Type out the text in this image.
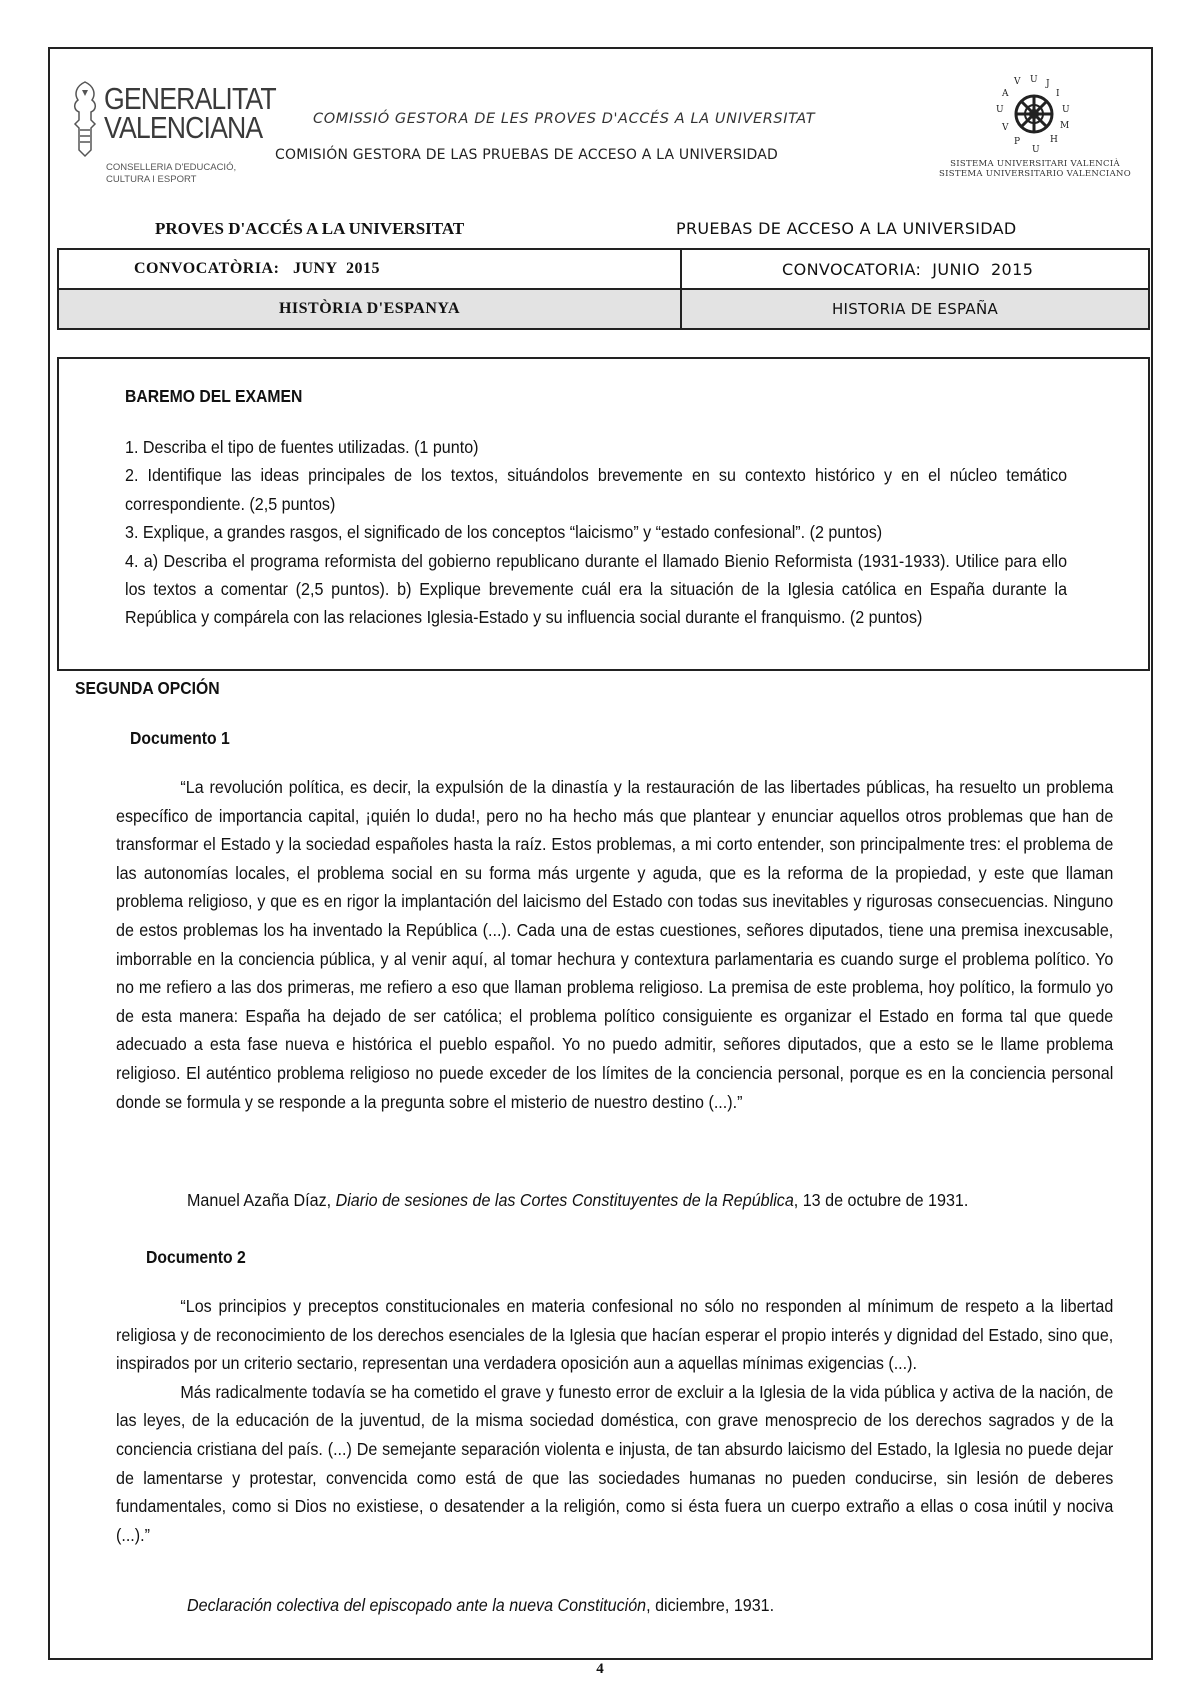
GENERALITAT
VALENCIANA
CONSELLERIA D'EDUCACIÓ,
CULTURA I ESPORT
COMISSIÓ GESTORA DE LES PROVES D'ACCÉS A LA UNIVERSITAT
COMISIÓN GESTORA DE LAS PRUEBAS DE ACCESO A LA UNIVERSIDAD
U J
I
U
M
H
U
P
V
U
A
V
SISTEMA UNIVERSITARI VALENCIÀ
SISTEMA UNIVERSITARIO VALENCIANO
PROVES D'ACCÉS A LA UNIVERSITAT	PRUEBAS DE ACCESO A LA UNIVERSIDAD
CONVOCATÒRIA:   JUNY  2015	CONVOCATORIA:  JUNIO  2015
HISTÒRIA D'ESPANYA	HISTORIA DE ESPAÑA
BAREMO DEL EXAMEN
1. Describa el tipo de fuentes utilizadas. (1 punto)
2. Identifique las ideas principales de los textos, situándolos brevemente en su contexto histórico y en el núcleo temático correspondiente. (2,5 puntos)
3. Explique, a grandes rasgos, el significado de los conceptos “laicismo” y “estado confesional”. (2 puntos)
4. a) Describa el programa reformista del gobierno republicano durante el llamado Bienio Reformista (1931-1933). Utilice para ello los textos a comentar (2,5 puntos). b) Explique brevemente cuál era la situación de la Iglesia católica en España durante la República y compárela con las relaciones Iglesia-Estado y su influencia social durante el franquismo. (2 puntos)
SEGUNDA OPCIÓN
Documento 1

“La revolución política, es decir, la expulsión de la dinastía y la restauración de las libertades públicas, ha resuelto un problema específico de importancia capital, ¡quién lo duda!, pero no ha hecho más que plantear y enunciar aquellos otros problemas que han de transformar el Estado y la sociedad españoles hasta la raíz. Estos problemas, a mi corto entender, son principalmente tres: el problema de las autonomías locales, el problema social en su forma más urgente y aguda, que es la reforma de la propiedad, y este que llaman problema religioso, y que es en rigor la implantación del laicismo del Estado con todas sus inevitables y rigurosas consecuencias. Ninguno de estos problemas los ha inventado la República (...). Cada una de estas cuestiones, señores diputados, tiene una premisa inexcusable, imborrable en la conciencia pública, y al venir aquí, al tomar hechura y contextura parlamentaria es cuando surge el problema político. Yo no me refiero a las dos primeras, me refiero a eso que llaman problema religioso. La premisa de este problema, hoy político, la formulo yo de esta manera: España ha dejado de ser católica; el problema político consiguiente es organizar el Estado en forma tal que quede adecuado a esta fase nueva e histórica el pueblo español. Yo no puedo admitir, señores diputados, que a esto se le llame problema religioso. El auténtico problema religioso no puede exceder de los límites de la conciencia personal, porque es en la conciencia personal donde se formula y se responde a la pregunta sobre el misterio de nuestro destino (...).”

Manuel Azaña Díaz, Diario de sesiones de las Cortes Constituyentes de la República, 13 de octubre de 1931.

Documento 2

“Los principios y preceptos constitucionales en materia confesional no sólo no responden al mínimum de respeto a la libertad religiosa y de reconocimiento de los derechos esenciales de la Iglesia que hacían esperar el propio interés y dignidad del Estado, sino que, inspirados por un criterio sectario, representan una verdadera oposición aun a aquellas mínimas exigencias (...).

Más radicalmente todavía se ha cometido el grave y funesto error de excluir a la Iglesia de la vida pública y activa de la nación, de las leyes, de la educación de la juventud, de la misma sociedad doméstica, con grave menosprecio de los derechos sagrados y de la conciencia cristiana del país. (...) De semejante separación violenta e injusta, de tan absurdo laicismo del Estado, la Iglesia no puede dejar de lamentarse y protestar, convencida como está de que las sociedades humanas no pueden conducirse, sin lesión de deberes fundamentales, como si Dios no existiese, o desatender a la religión, como si ésta fuera un cuerpo extraño a ellas o cosa inútil y nociva (...).”

Declaración colectiva del episcopado ante la nueva Constitución, diciembre, 1931.

4
